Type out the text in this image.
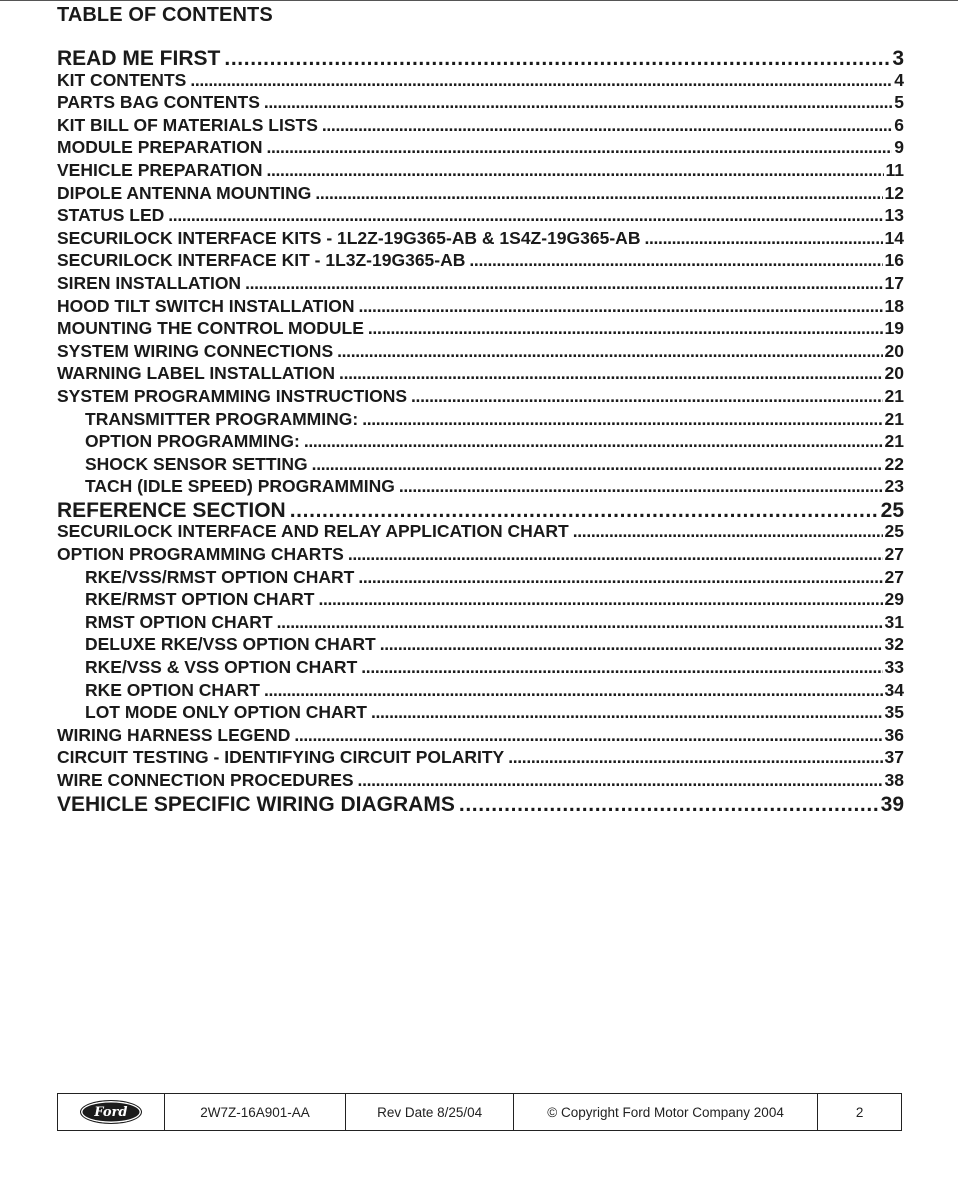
TABLE OF CONTENTS
READ ME FIRST . . .	3
KIT CONTENTS . . .	4
PARTS BAG CONTENTS . . .	5
KIT BILL OF MATERIALS LISTS . . .	6
MODULE PREPARATION . . .	9
VEHICLE PREPARATION . . .	11
DIPOLE ANTENNA MOUNTING . . .	12
STATUS LED . . .	13
SECURILOCK INTERFACE KITS - 1L2Z-19G365-AB & 1S4Z-19G365-AB . . .	14
SECURILOCK INTERFACE KIT - 1L3Z-19G365-AB . . .	16
SIREN INSTALLATION . . .	17
HOOD TILT SWITCH INSTALLATION . . .	18
MOUNTING THE CONTROL MODULE . . .	19
SYSTEM WIRING CONNECTIONS . . .	20
WARNING LABEL INSTALLATION . . .	20
SYSTEM PROGRAMMING INSTRUCTIONS . . .	21
TRANSMITTER PROGRAMMING: . . .	21
OPTION PROGRAMMING: . . .	21
SHOCK SENSOR SETTING . . .	22
TACH (IDLE SPEED) PROGRAMMING . . .	23
REFERENCE SECTION . . .	25
SECURILOCK INTERFACE AND RELAY APPLICATION CHART . . .	25
OPTION PROGRAMMING CHARTS . . .	27
RKE/VSS/RMST OPTION CHART . . .	27
RKE/RMST OPTION CHART . . .	29
RMST OPTION CHART . . .	31
DELUXE RKE/VSS OPTION CHART . . .	32
RKE/VSS & VSS OPTION CHART . . .	33
RKE OPTION CHART . . .	34
LOT MODE ONLY OPTION CHART . . .	35
WIRING HARNESS LEGEND . . .	36
CIRCUIT TESTING - IDENTIFYING CIRCUIT POLARITY . . .	37
WIRE CONNECTION PROCEDURES . . .	38
VEHICLE SPECIFIC WIRING DIAGRAMS . . .	39
Ford	2W7Z-16A901-AA	Rev Date 8/25/04	© Copyright Ford Motor Company 2004	2
